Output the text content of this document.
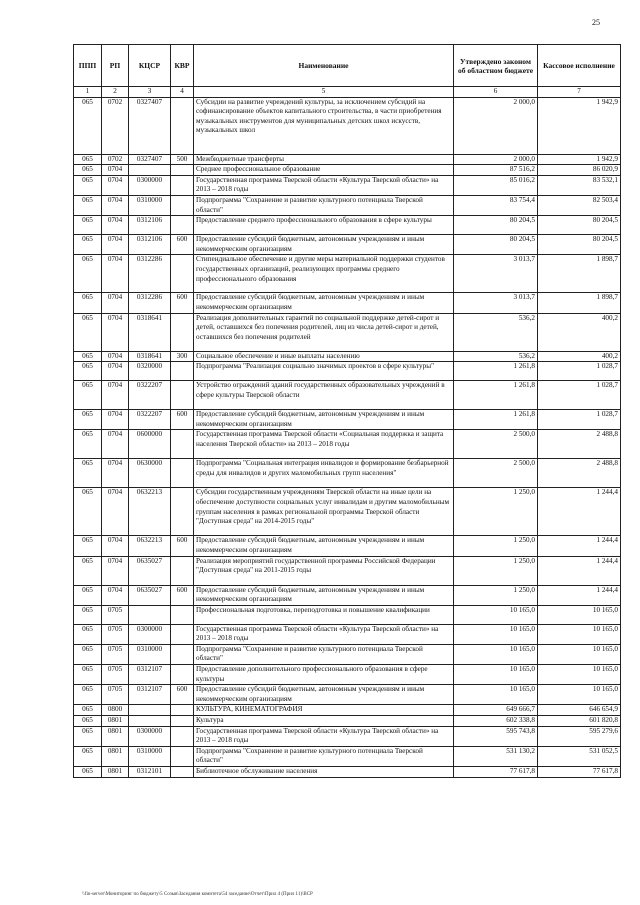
25
ППП	РП	КЦСР	КВР	Наименование	Утверждено законом об областном бюджете	Кассовое исполнение
1	2	3	4	5	6	7
065	0702	0327407		Субсидии на развитие учреждений культуры, за исключением субсидий на софинансирование объектов капитального строительства, в части приобретения музыкальных инструментов для муниципальных детских школ искусств, музыкальных школ	2 000,0	1 942,9
065	0702	0327407	500	Межбюджетные трансферты	2 000,0	1 942,9
065	0704			Среднее профессиональное образование	87 516,2	86 020,9
065	0704	0300000		Государственная программа Тверской области «Культура Тверской области» на 2013 – 2018 годы	85 016,2	83 532,1
065	0704	0310000		Подпрограмма "Сохранение и развитие культурного потенциала Тверской области"	83 754,4	82 503,4
065	0704	0312106		Предоставление среднего профессионального образования в сфере культуры	80 204,5	80 204,5
065	0704	0312106	600	Предоставление субсидий бюджетным, автономным учреждениям и иным некоммерческим организациям	80 204,5	80 204,5
065	0704	0312286		Стипендиальное обеспечение и другие меры материальной поддержки студентов государственных организаций, реализующих программы среднего профессионального образования	3 013,7	1 898,7
065	0704	0312286	600	Предоставление субсидий бюджетным, автономным учреждениям и иным некоммерческим организациям	3 013,7	1 898,7
065	0704	0318641		Реализация дополнительных гарантий по социальной поддержке детей-сирот и детей, оставшихся без попечения родителей, лиц из числа детей-сирот и детей, оставшихся без попечения родителей	536,2	400,2
065	0704	0318641	300	Социальное обеспечение и иные выплаты населению	536,2	400,2
065	0704	0320000		Подпрограмма "Реализация социально значимых проектов в сфере культуры"	1 261,8	1 028,7
065	0704	0322207		Устройство ограждений зданий государственных образовательных учреждений в сфере культуры Тверской области	1 261,8	1 028,7
065	0704	0322207	600	Предоставление субсидий бюджетным, автономным учреждениям и иным некоммерческим организациям	1 261,8	1 028,7
065	0704	0600000		Государственная программа Тверской области «Социальная поддержка и защита населения Тверской области» на 2013 – 2018 годы	2 500,0	2 488,8
065	0704	0630000		Подпрограмма "Социальная интеграция инвалидов и формирование безбарьерной среды для инвалидов и других маломобильных групп населения"	2 500,0	2 488,8
065	0704	0632213		Субсидии государственным учреждениям Тверской области на иные цели на обеспечение доступности социальных услуг инвалидам и другим маломобильным группам населения в рамках региональной программы Тверской области "Доступная среда" на 2014-2015 годы"	1 250,0	1 244,4
065	0704	0632213	600	Предоставление субсидий бюджетным, автономным учреждениям и иным некоммерческим организациям	1 250,0	1 244,4
065	0704	0635027		Реализация мероприятий государственной программы Российской Федерации "Доступная среда" на 2011-2015 годы	1 250,0	1 244,4
065	0704	0635027	600	Предоставление субсидий бюджетным, автономным учреждениям и иным некоммерческим организациям	1 250,0	1 244,4
065	0705			Профессиональная подготовка, переподготовка и повышение квалификации	10 165,0	10 165,0
065	0705	0300000		Государственная программа Тверской области «Культура Тверской области» на 2013 – 2018 годы	10 165,0	10 165,0
065	0705	0310000		Подпрограмма "Сохранение и развитие культурного потенциала Тверской области"	10 165,0	10 165,0
065	0705	0312107		Предоставление дополнительного профессионального образования в сфере культуры	10 165,0	10 165,0
065	0705	0312107	600	Предоставление субсидий бюджетным, автономным учреждениям и иным некоммерческим организациям	10 165,0	10 165,0
065	0800			КУЛЬТУРА, КИНЕМАТОГРАФИЯ	649 666,7	646 654,9
065	0801			Культура	602 338,8	601 820,8
065	0801	0300000		Государственная программа Тверской области «Культура Тверской области» на 2013 – 2018 годы	595 743,8	595 279,6
065	0801	0310000		Подпрограмма "Сохранение и развитие культурного потенциала Тверской области"	531 130,2	531 052,5
065	0801	0312101		Библиотечное обслуживание населения	77 617,8	77 617,8
\\fin-server\Мониторинг по бюджету\5 Созыв\Заседания комитета\54 заседание\Отчет\Прил 4 (Прил 11)\ВСР
